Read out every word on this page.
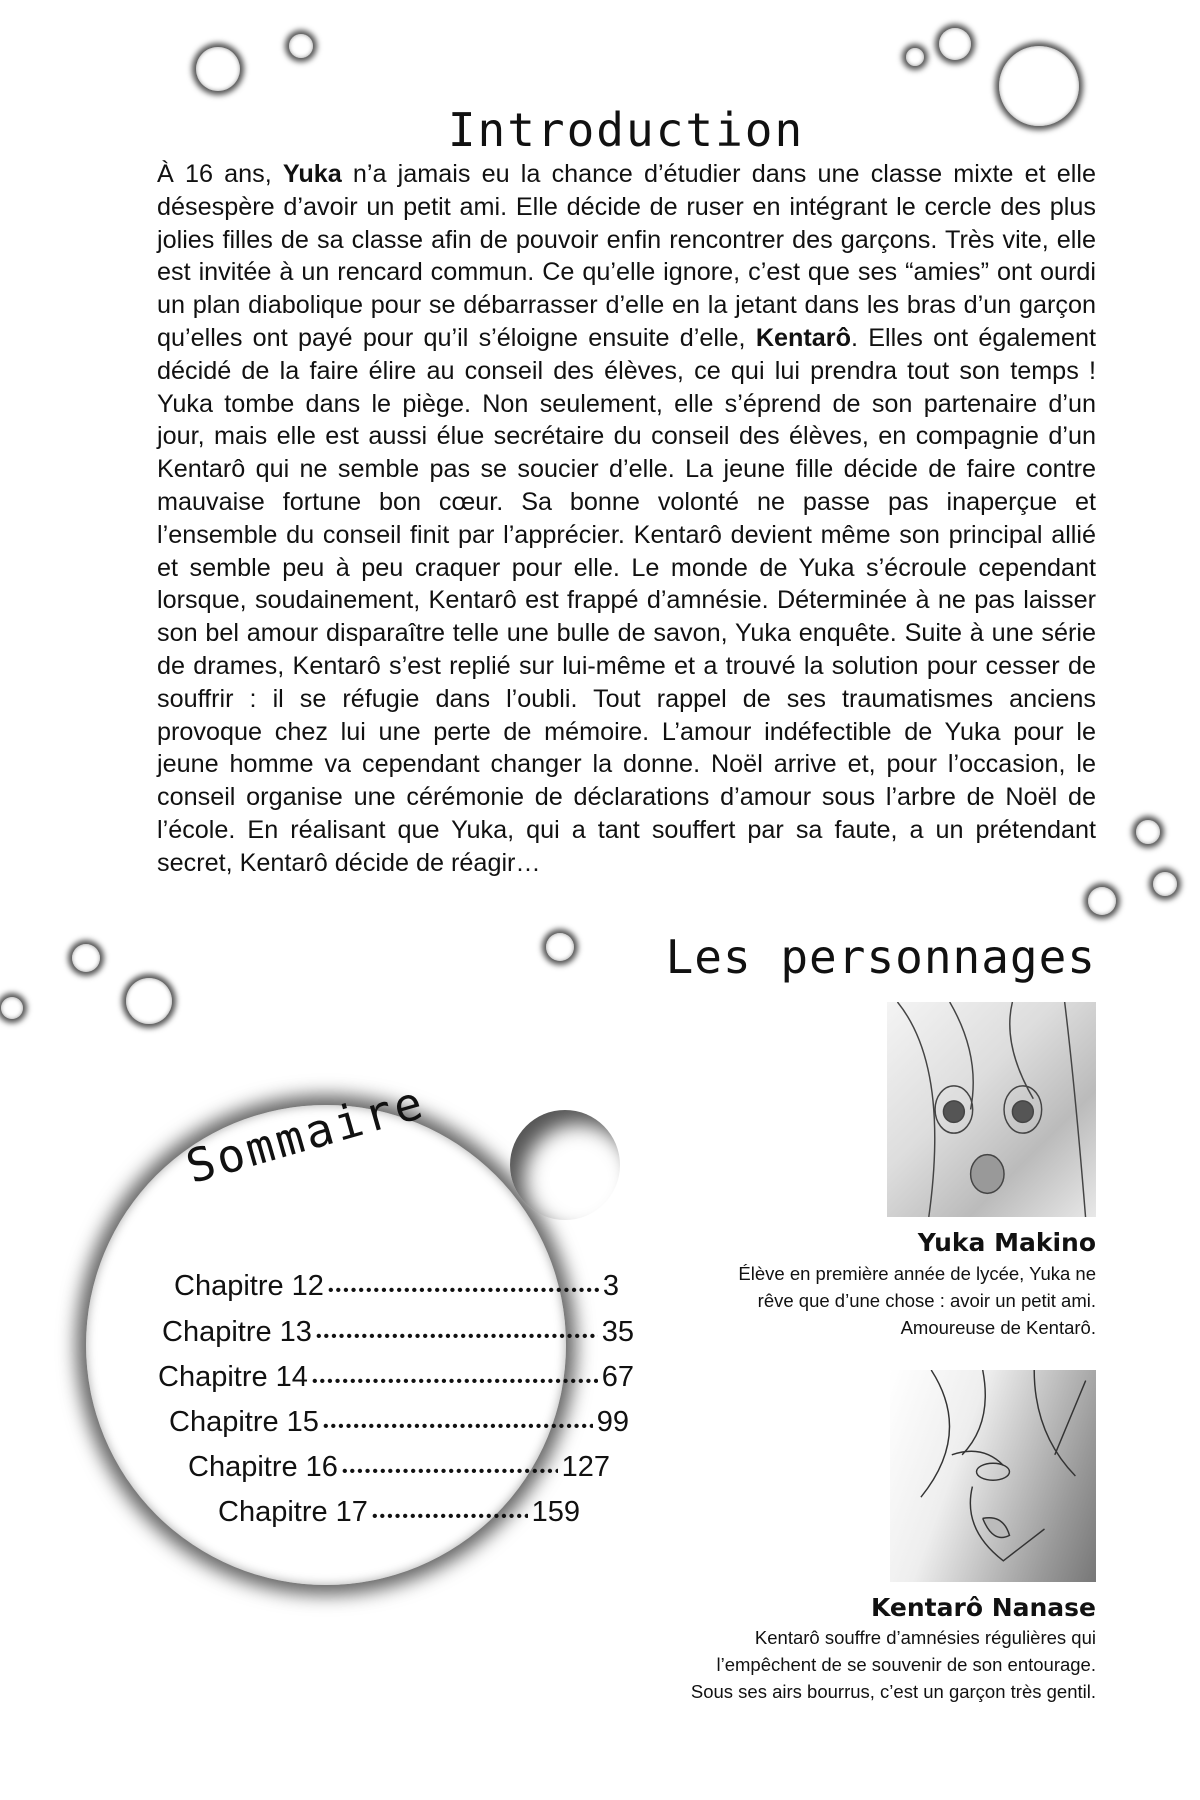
Introduction
À 16 ans, Yuka n’a jamais eu la chance d’étudier dans une classe mixte et elle désespère d’avoir un petit ami. Elle décide de ruser en intégrant le cercle des plus jolies filles de sa classe afin de pouvoir enfin rencontrer des garçons. Très vite, elle est invitée à un rencard commun. Ce qu’elle ignore, c’est que ses “amies” ont ourdi un plan diabolique pour se débarrasser d’elle en la jetant dans les bras d’un garçon qu’elles ont payé pour qu’il s’éloigne ensuite d’elle, Kentarô. Elles ont également décidé de la faire élire au conseil des élèves, ce qui lui prendra tout son temps ! Yuka tombe dans le piège. Non seulement, elle s’éprend de son partenaire d’un jour, mais elle est aussi élue secrétaire du conseil des élèves, en compagnie d’un Kentarô qui ne semble pas se soucier d’elle. La jeune fille décide de faire contre mauvaise fortune bon cœur. Sa bonne volonté ne passe pas inaperçue et l’ensemble du conseil finit par l’apprécier. Kentarô devient même son principal allié et semble peu à peu craquer pour elle. Le monde de Yuka s’écroule cependant lorsque, soudainement, Kentarô est frappé d’amnésie. Déterminée à ne pas laisser son bel amour disparaître telle une bulle de savon, Yuka enquête. Suite à une série de drames, Kentarô s’est replié sur lui-même et a trouvé la solution pour cesser de souffrir : il se réfugie dans l’oubli. Tout rappel de ses traumatismes anciens provoque chez lui une perte de mémoire. L’amour indéfectible de Yuka pour le jeune homme va cependant changer la donne. Noël arrive et, pour l’occasion, le conseil organise une cérémonie de déclarations d’amour sous l’arbre de Noël de l’école. En réalisant que Yuka, qui a tant souffert par sa faute, a un prétendant secret, Kentarô décide de réagir…
Les personnages
Yuka Makino
Élève en première année de lycée, Yuka ne
rêve que d’une chose : avoir un petit ami.
Amoureuse de Kentarô.
Kentarô Nanase
Kentarô souffre d’amnésies régulières qui
l’empêchent de se souvenir de son entourage.
Sous ses airs bourrus, c’est un garçon très gentil.
Sommaire
Chapitre 12 •••••	3
Chapitre 13 •••••	35
Chapitre 14 •••••	67
Chapitre 15 •••••	99
Chapitre 16 •••••	127
Chapitre 17 •••••	159
